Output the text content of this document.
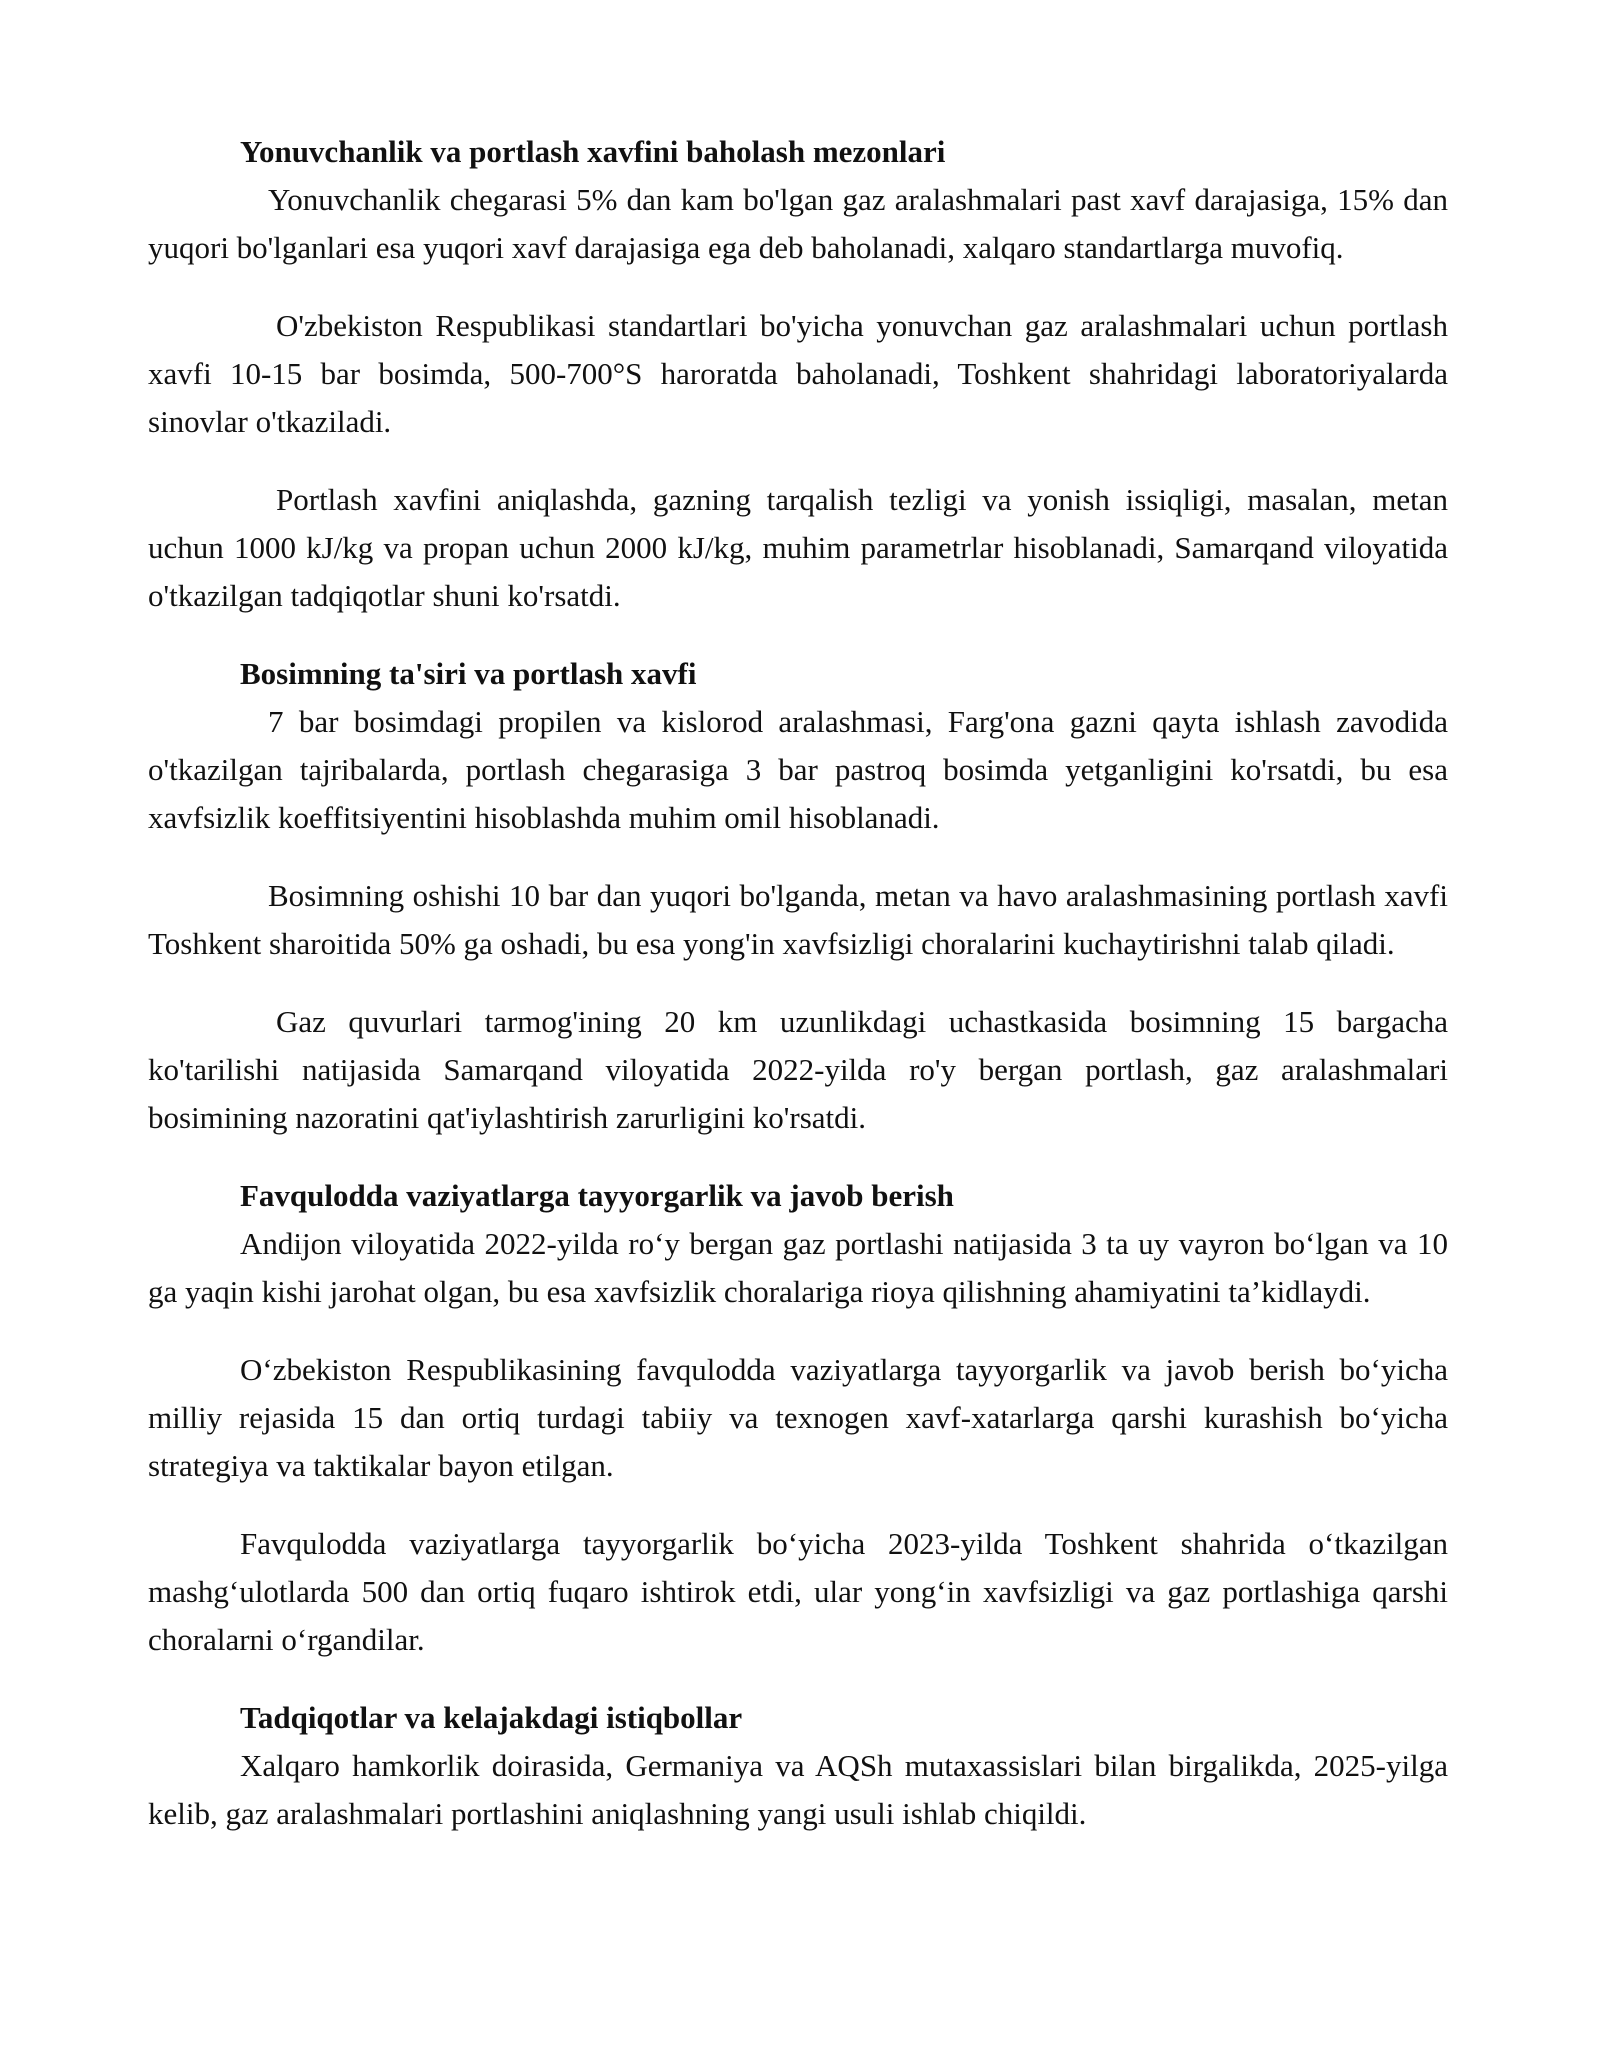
Yonuvchanlik va portlash xavfini baholash mezonlari

Yonuvchanlik chegarasi 5% dan kam bo'lgan gaz aralashmalari past xavf darajasiga, 15% dan yuqori bo'lganlari esa yuqori xavf darajasiga ega deb baholanadi, xalqaro standartlarga muvofiq.

O'zbekiston Respublikasi standartlari bo'yicha yonuvchan gaz aralashmalari uchun portlash xavfi 10-15 bar bosimda, 500-700°S haroratda baholanadi, Toshkent shahridagi laboratoriyalarda sinovlar o'tkaziladi.

Portlash xavfini aniqlashda, gazning tarqalish tezligi va yonish issiqligi, masalan, metan uchun 1000 kJ/kg va propan uchun 2000 kJ/kg, muhim parametrlar hisoblanadi, Samarqand viloyatida o'tkazilgan tadqiqotlar shuni ko'rsatdi.

Bosimning ta'siri va portlash xavfi

7 bar bosimdagi propilen va kislorod aralashmasi, Farg'ona gazni qayta ishlash zavodida o'tkazilgan tajribalarda, portlash chegarasiga 3 bar pastroq bosimda yetganligini ko'rsatdi, bu esa xavfsizlik koeffitsiyentini hisoblashda muhim omil hisoblanadi.

Bosimning oshishi 10 bar dan yuqori bo'lganda, metan va havo aralashmasining portlash xavfi Toshkent sharoitida 50% ga oshadi, bu esa yong'in xavfsizligi choralarini kuchaytirishni talab qiladi.

Gaz quvurlari tarmog'ining 20 km uzunlikdagi uchastkasida bosimning 15 bargacha ko'tarilishi natijasida Samarqand viloyatida 2022-yilda ro'y bergan portlash, gaz aralashmalari bosimining nazoratini qat'iylashtirish zarurligini ko'rsatdi.

Favqulodda vaziyatlarga tayyorgarlik va javob berish

Andijon viloyatida 2022-yilda ro‘y bergan gaz portlashi natijasida 3 ta uy vayron bo‘lgan va 10 ga yaqin kishi jarohat olgan, bu esa xavfsizlik choralariga rioya qilishning ahamiyatini ta’kidlaydi.

O‘zbekiston Respublikasining favqulodda vaziyatlarga tayyorgarlik va javob berish bo‘yicha milliy rejasida 15 dan ortiq turdagi tabiiy va texnogen xavf-xatarlarga qarshi kurashish bo‘yicha strategiya va taktikalar bayon etilgan.

Favqulodda vaziyatlarga tayyorgarlik bo‘yicha 2023-yilda Toshkent shahrida o‘tkazilgan mashg‘ulotlarda 500 dan ortiq fuqaro ishtirok etdi, ular yong‘in xavfsizligi va gaz portlashiga qarshi choralarni o‘rgandilar.

Tadqiqotlar va kelajakdagi istiqbollar

Xalqaro hamkorlik doirasida, Germaniya va AQSh mutaxassislari bilan birgalikda, 2025-yilga kelib, gaz aralashmalari portlashini aniqlashning yangi usuli ishlab chiqildi.
